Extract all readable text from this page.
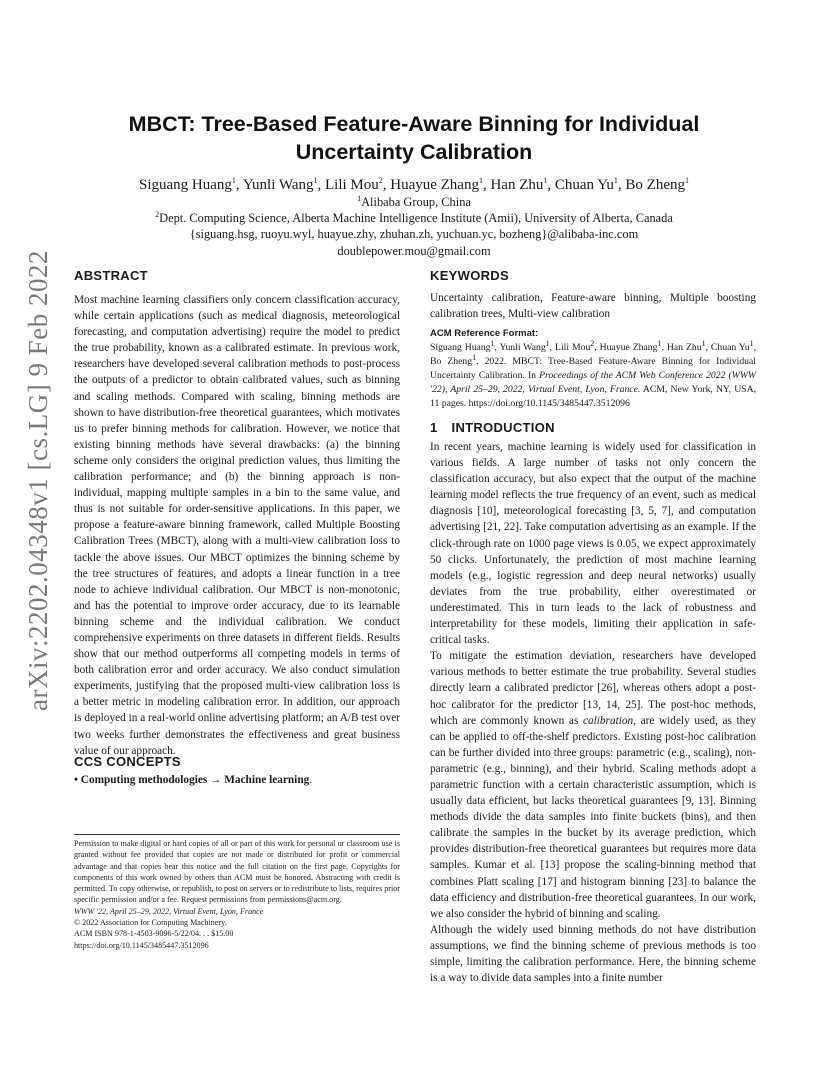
arXiv:2202.04348v1 [cs.LG] 9 Feb 2022
MBCT: Tree-Based Feature-Aware Binning for Individual Uncertainty Calibration
Siguang Huang$^1$, Yunli Wang$^1$, Lili Mou$^2$, Huayue Zhang$^1$, Han Zhu$^1$, Chuan Yu$^1$, Bo Zheng$^1$
$^1$Alibaba Group, China
$^2$Dept. Computing Science, Alberta Machine Intelligence Institute (Amii), University of Alberta, Canada
{siguang.hsg, ruoyu.wyl, huayue.zhy, zhuhan.zh, yuchuan.yc, bozheng}@alibaba-inc.com
doublepower.mou@gmail.com
ABSTRACT

Most machine learning classifiers only concern classification accuracy, while certain applications (such as medical diagnosis, meteorological forecasting, and computation advertising) require the model to predict the true probability, known as a calibrated estimate. In previous work, researchers have developed several calibration methods to post-process the outputs of a predictor to obtain calibrated values, such as binning and scaling methods. Compared with scaling, binning methods are shown to have distribution-free theoretical guarantees, which motivates us to prefer binning methods for calibration. However, we notice that existing binning methods have several drawbacks: (a) the binning scheme only considers the original prediction values, thus limiting the calibration performance; and (b) the binning approach is non-individual, mapping multiple samples in a bin to the same value, and thus is not suitable for order-sensitive applications. In this paper, we propose a feature-aware binning framework, called Multiple Boosting Calibration Trees (MBCT), along with a multi-view calibration loss to tackle the above issues. Our MBCT optimizes the binning scheme by the tree structures of features, and adopts a linear function in a tree node to achieve individual calibration. Our MBCT is non-monotonic, and has the potential to improve order accuracy, due to its learnable binning scheme and the individual calibration. We conduct comprehensive experiments on three datasets in different fields. Results show that our method outperforms all competing models in terms of both calibration error and order accuracy. We also conduct simulation experiments, justifying that the proposed multi-view calibration loss is a better metric in modeling calibration error. In addition, our approach is deployed in a real-world online advertising platform; an A/B test over two weeks further demonstrates the effectiveness and great business value of our approach.

CCS CONCEPTS
• Computing methodologies → Machine learning.

Permission to make digital or hard copies of all or part of this work for personal or classroom use is granted without fee provided that copies are not made or distributed for profit or commercial advantage and that copies bear this notice and the full citation on the first page. Copyrights for components of this work owned by others than ACM must be honored. Abstracting with credit is permitted. To copy otherwise, or republish, to post on servers or to redistribute to lists, requires prior specific permission and/or a fee. Request permissions from permissions@acm.org.

WWW '22, April 25–29, 2022, Virtual Event, Lyon, France

© 2022 Association for Computing Machinery.

ACM ISBN 978-1-4503-9096-5/22/04. . . $15.00

https://doi.org/10.1145/3485447.3512096

KEYWORDS

Uncertainty calibration, Feature-aware binning, Multiple boosting calibration trees, Multi-view calibration

ACM Reference Format:
Siguang Huang$^1$, Yunli Wang$^1$, Lili Mou$^2$, Huayue Zhang$^1$, Han Zhu$^1$, Chuan Yu$^1$, Bo Zheng$^1$. 2022. MBCT: Tree-Based Feature-Aware Binning for Individual Uncertainty Calibration. In Proceedings of the ACM Web Conference 2022 (WWW '22), April 25–29, 2022, Virtual Event, Lyon, France. ACM, New York, NY, USA, 11 pages. https://doi.org/10.1145/3485447.3512096
1 INTRODUCTION

In recent years, machine learning is widely used for classification in various fields. A large number of tasks not only concern the classification accuracy, but also expect that the output of the machine learning model reflects the true frequency of an event, such as medical diagnosis [10], meteorological forecasting [3, 5, 7], and computation advertising [21, 22]. Take computation advertising as an example. If the click-through rate on 1000 page views is 0.05, we expect approximately 50 clicks. Unfortunately, the prediction of most machine learning models (e.g., logistic regression and deep neural networks) usually deviates from the true probability, either overestimated or underestimated. This in turn leads to the lack of robustness and interpretability for these models, limiting their application in safe-critical tasks.

To mitigate the estimation deviation, researchers have developed various methods to better estimate the true probability. Several studies directly learn a calibrated predictor [26], whereas others adopt a post-hoc calibrator for the predictor [13, 14, 25]. The post-hoc methods, which are commonly known as calibration, are widely used, as they can be applied to off-the-shelf predictors. Existing post-hoc calibration can be further divided into three groups: parametric (e.g., scaling), non-parametric (e.g., binning), and their hybrid. Scaling methods adopt a parametric function with a certain characteristic assumption, which is usually data efficient, but lacks theoretical guarantees [9, 13]. Binning methods divide the data samples into finite buckets (bins), and then calibrate the samples in the bucket by its average prediction, which provides distribution-free theoretical guarantees but requires more data samples. Kumar et al. [13] propose the scaling-binning method that combines Platt scaling [17] and histogram binning [23] to balance the data efficiency and distribution-free theoretical guarantees. In our work, we also consider the hybrid of binning and scaling.

Although the widely used binning methods do not have distribution assumptions, we find the binning scheme of previous methods is too simple, limiting the calibration performance. Here, the binning scheme is a way to divide data samples into a finite number
